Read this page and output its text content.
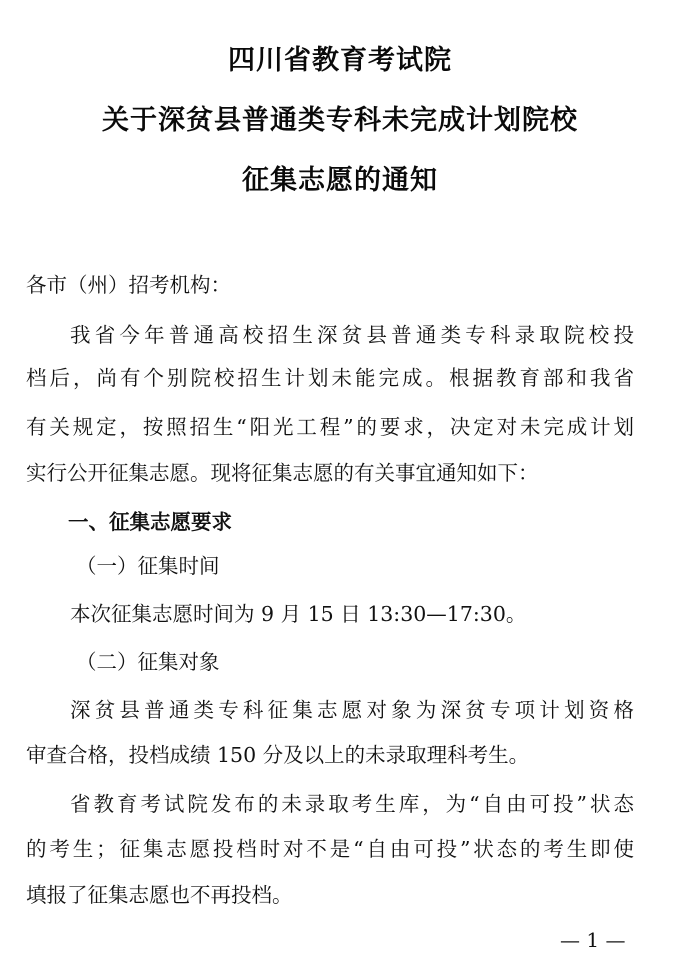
四川省教育考试院
关于深贫县普通类专科未完成计划院校
征集志愿的通知
各市（州）招考机构：
我省今年普通高校招生深贫县普通类专科录取院校投
档后，尚有个别院校招生计划未能完成。根据教育部和我省
有关规定，按照招生“阳光工程”的要求，决定对未完成计划
实行公开征集志愿。现将征集志愿的有关事宜通知如下：
一、征集志愿要求
（一）征集时间
本次征集志愿时间为 9 月 15 日 13:30—17:30。
（二）征集对象
深贫县普通类专科征集志愿对象为深贫专项计划资格
审查合格，投档成绩 150 分及以上的未录取理科考生。
省教育考试院发布的未录取考生库，为“自由可投”状态
的考生；征集志愿投档时对不是“自由可投”状态的考生即使
填报了征集志愿也不再投档。
— 1 —
